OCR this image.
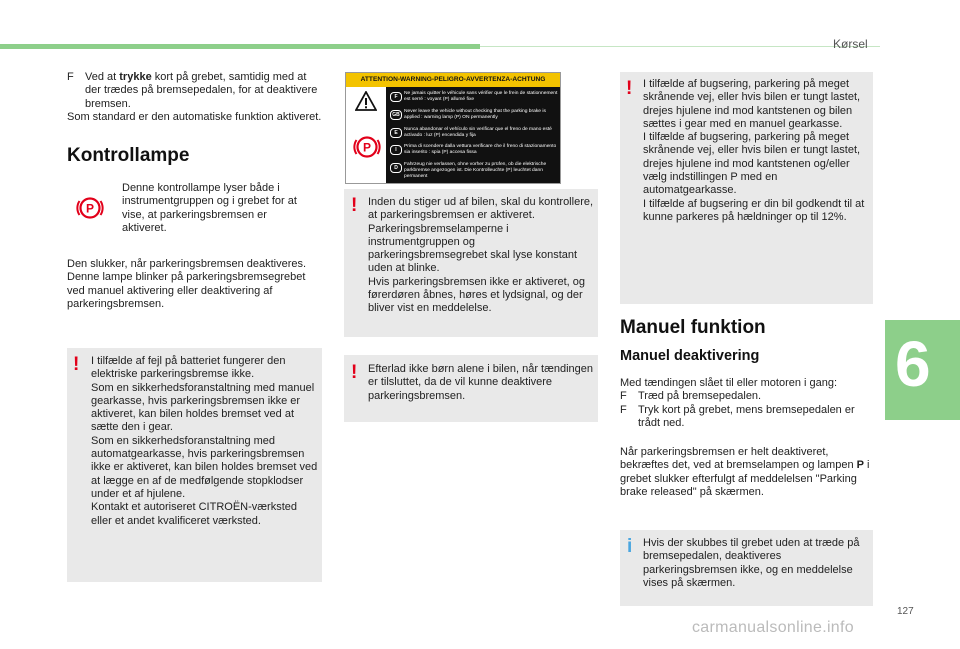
Kørsel
6
F	Ved at trykke kort på grebet, samtidig med at der trædes på bremsepedalen, for at deaktivere bremsen.
Som standard er den automatiske funktion aktiveret.
Kontrollampe
P
Denne kontrollampe lyser både i instrumentgruppen og i grebet for at vise, at parkeringsbremsen er aktiveret.
Den slukker, når parkeringsbremsen deaktiveres.
Denne lampe blinker på parkeringsbremsegrebet ved manuel aktivering eller deaktivering af parkeringsbremsen.
! I tilfælde af fejl på batteriet fungerer den elektriske parkeringsbremse ikke.
Som en sikkerhedsforanstaltning med manuel gearkasse, hvis parkeringsbremsen ikke er aktiveret, kan bilen holdes bremset ved at sætte den i gear.
Som en sikkerhedsforanstaltning med automatgearkasse, hvis parkeringsbremsen ikke er aktiveret, kan bilen holdes bremset ved at lægge en af de medfølgende stopklodser under et af hjulene.
Kontakt et autoriseret CITROËN-værksted eller et andet kvalificeret værksted.
ATTENTION-WARNING-PELIGRO-AVVERTENZA-ACHTUNG
P
F
Ne jamais quitter le véhicule sans vérifier que le frein de stationnement est serré : voyant (P) allumé fixe
GB
Never leave the vehicle without checking that the parking brake is applied : warning lamp (P) ON permanently
E
Nunca abandonar el vehículo sin verificar que el freno de mano esté activado : luz (P) encendida y fija
I
Prima di scendere dalla vettura verificare che il freno di stazionamento sia inserito : spia (P) accesa fissa
D
Fahrzeug nie verlassen, ohne vorher zu prüfen, ob die elektrische parkbremse angezogen ist. Die Kontrolleuchte (P) leuchtet dann permanent
! Inden du stiger ud af bilen, skal du kontrollere, at parkeringsbremsen er aktiveret. Parkeringsbremselamperne i instrumentgruppen og parkeringsbremsegrebet skal lyse konstant uden at blinke.
Hvis parkeringsbremsen ikke er aktiveret, og førerdøren åbnes, høres et lydsignal, og der bliver vist en meddelelse.
! Efterlad ikke børn alene i bilen, når tændingen er tilsluttet, da de vil kunne deaktivere parkeringsbremsen.
! I tilfælde af bugsering, parkering på meget skrånende vej, eller hvis bilen er tungt lastet, drejes hjulene ind mod kantstenen og bilen sættes i gear med en manuel gearkasse.
I tilfælde af bugsering, parkering på meget skrånende vej, eller hvis bilen er tungt lastet, drejes hjulene ind mod kantstenen og/eller vælg indstillingen P med en automatgearkasse.
I tilfælde af bugsering er din bil godkendt til at kunne parkeres på hældninger op til 12%.
Manuel funktion
Manuel deaktivering
Med tændingen slået til eller motoren i gang:
F	Træd på bremsepedalen.
F	Tryk kort på grebet, mens bremsepedalen er trådt ned.
Når parkeringsbremsen er helt deaktiveret, bekræftes det, ved at bremselampen og lampen P i grebet slukker efterfulgt af meddelelsen "Parking brake released" på skærmen.
i Hvis der skubbes til grebet uden at træde på bremsepedalen, deaktiveres parkeringsbremsen ikke, og en meddelelse vises på skærmen.
127
carmanualsonline.info
